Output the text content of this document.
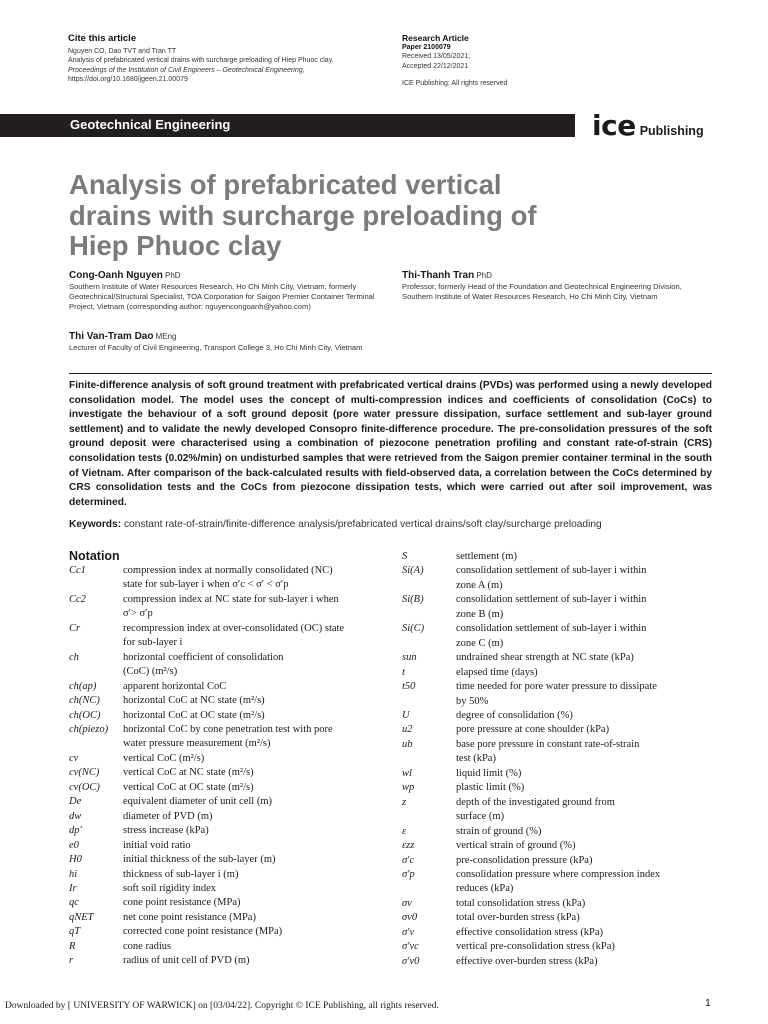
Cite this article
Nguyen CO, Dao TVT and Tran TT
Analysis of prefabricated vertical drains with surcharge preloading of Hiep Phuoc clay.
Proceedings of the Institution of Civil Engineers – Geotechnical Engineering,
https://doi.org/10.1680/jgeen.21.00079
Research Article
Paper 2100079
Received 13/05/2021;
Accepted 22/12/2021
ICE Publishing: All rights reserved
Geotechnical Engineering	ice Publishing
Analysis of prefabricated vertical drains with surcharge preloading of Hiep Phuoc clay
Cong-Oanh Nguyen PhD
Southern Institute of Water Resources Research, Ho Chi Minh City, Vietnam; formerly Geotechnical/Structural Specialist, TOA Corporation for Saigon Premier Container Terminal Project, Vietnam (corresponding author: nguyencongoanh@yahoo.com)
Thi Van-Tram Dao MEng
Lecturer of Faculty of Civil Engineering, Transport College 3, Ho Chi Minh City, Vietnam
Thi-Thanh Tran PhD
Professor, formerly Head of the Foundation and Geotechnical Engineering Division, Southern Institute of Water Resources Research, Ho Chi Minh City, Vietnam
Finite-difference analysis of soft ground treatment with prefabricated vertical drains (PVDs) was performed using a newly developed consolidation model. The model uses the concept of multi-compression indices and coefficients of consolidation (CoCs) to investigate the behaviour of a soft ground deposit (pore water pressure dissipation, surface settlement and sub-layer ground settlement) and to validate the newly developed Consopro finite-difference procedure. The pre-consolidation pressures of the soft ground deposit were characterised using a combination of piezocone penetration profiling and constant rate-of-strain (CRS) consolidation tests (0.02%/min) on undisturbed samples that were retrieved from the Saigon premier container terminal in the south of Vietnam. After comparison of the back-calculated results with field-observed data, a correlation between the CoCs determined by CRS consolidation tests and the CoCs from piezocone dissipation tests, which were carried out after soil improvement, was determined.
Keywords: constant rate-of-strain/finite-difference analysis/prefabricated vertical drains/soft clay/surcharge preloading
Notation
Cc1	compression index at normally consolidated (NC)
state for sub-layer i when σ′c < σ′ < σ′p
Cc2	compression index at NC state for sub-layer i when
σ′> σ′p
Cr	recompression index at over-consolidated (OC) state
for sub-layer i
ch	horizontal coefficient of consolidation
(CoC) (m²/s)
ch(ap)	apparent horizontal CoC
ch(NC)	horizontal CoC at NC state (m²/s)
ch(OC)	horizontal CoC at OC state (m²/s)
ch(piezo)	horizontal CoC by cone penetration test with pore
water pressure measurement (m²/s)
cv	vertical CoC (m²/s)
cv(NC)	vertical CoC at NC state (m²/s)
cv(OC)	vertical CoC at OC state (m²/s)
De	equivalent diameter of unit cell (m)
dw	diameter of PVD (m)
dp′	stress increase (kPa)
e0	initial void ratio
H0	initial thickness of the sub-layer (m)
hi	thickness of sub-layer i (m)
Ir	soft soil rigidity index
qc	cone point resistance (MPa)
qNET	net cone point resistance (MPa)
qT	corrected cone point resistance (MPa)
R	cone radius
r	radius of unit cell of PVD (m)
S	settlement (m)
Si(A)	consolidation settlement of sub-layer i within
zone A (m)
Si(B)	consolidation settlement of sub-layer i within
zone B (m)
Si(C)	consolidation settlement of sub-layer i within
zone C (m)
sun	undrained shear strength at NC state (kPa)
t	elapsed time (days)
t50	time needed for pore water pressure to dissipate
by 50%
U	degree of consolidation (%)
u2	pore pressure at cone shoulder (kPa)
ub	base pore pressure in constant rate-of-strain
test (kPa)
wl	liquid limit (%)
wp	plastic limit (%)
z	depth of the investigated ground from
surface (m)
ε	strain of ground (%)
εzz	vertical strain of ground (%)
σ′c	pre-consolidation pressure (kPa)
σ′p	consolidation pressure where compression index
reduces (kPa)
σv	total consolidation stress (kPa)
σv0	total over-burden stress (kPa)
σ′v	effective consolidation stress (kPa)
σ′vc	vertical pre-consolidation stress (kPa)
σ′v0	effective over-burden stress (kPa)
Downloaded by [ UNIVERSITY OF WARWICK] on [03/04/22]. Copyright © ICE Publishing, all rights reserved.	1
